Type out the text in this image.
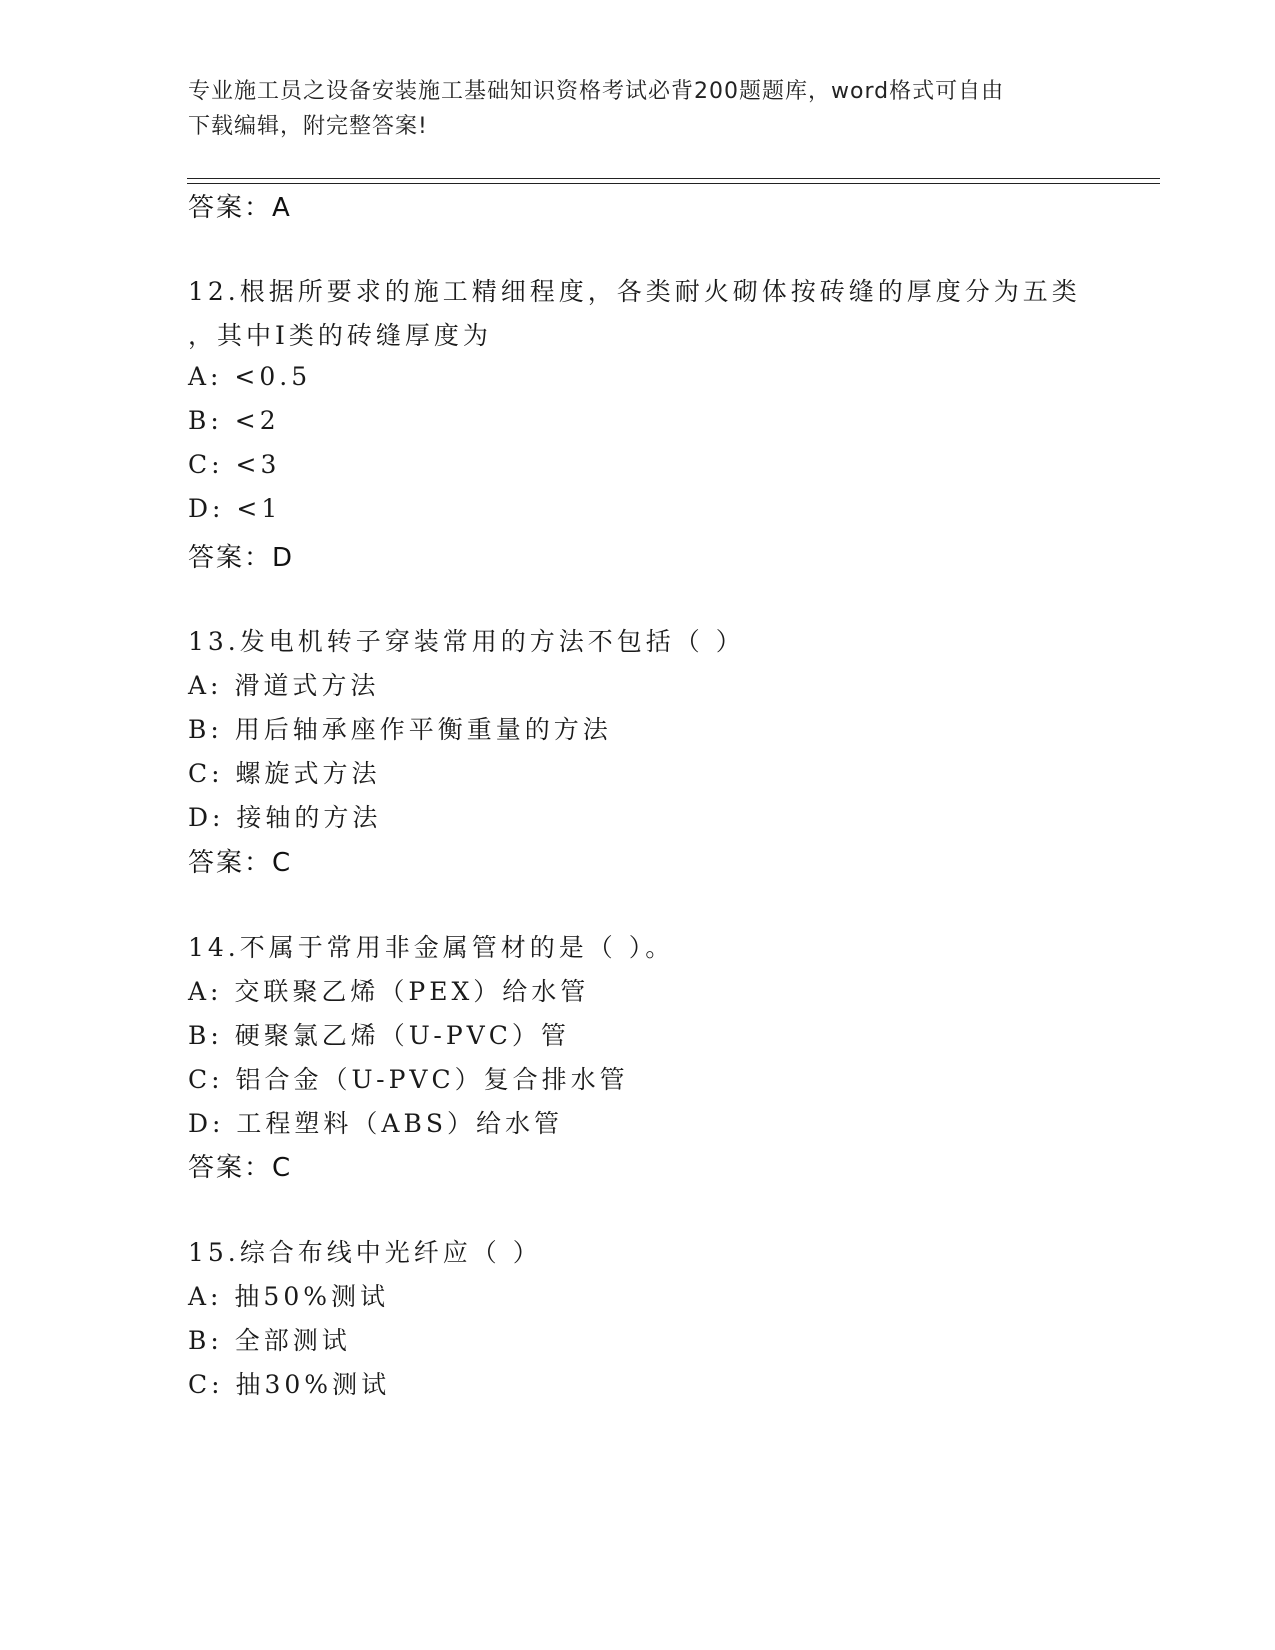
专业施工员之设备安装施工基础知识资格考试必背200题题库，word格式可自由
下载编辑，附完整答案!
答案：A
12.根据所要求的施工精细程度，各类耐火砌体按砖缝的厚度分为五类
，其中Ⅰ类的砖缝厚度为
A: <0.5
B: <2
C: <3
D: <1
答案：D
13.发电机转子穿装常用的方法不包括（ ）
A: 滑道式方法
B: 用后轴承座作平衡重量的方法
C: 螺旋式方法
D: 接轴的方法
答案：C
14.不属于常用非金属管材的是（ ）。
A: 交联聚乙烯（PEX）给水管
B: 硬聚氯乙烯（U-PVC）管
C: 铝合金（U-PVC）复合排水管
D: 工程塑料（ABS）给水管
答案：C
15.综合布线中光纤应（ ）
A: 抽50%测试
B: 全部测试
C: 抽30%测试
